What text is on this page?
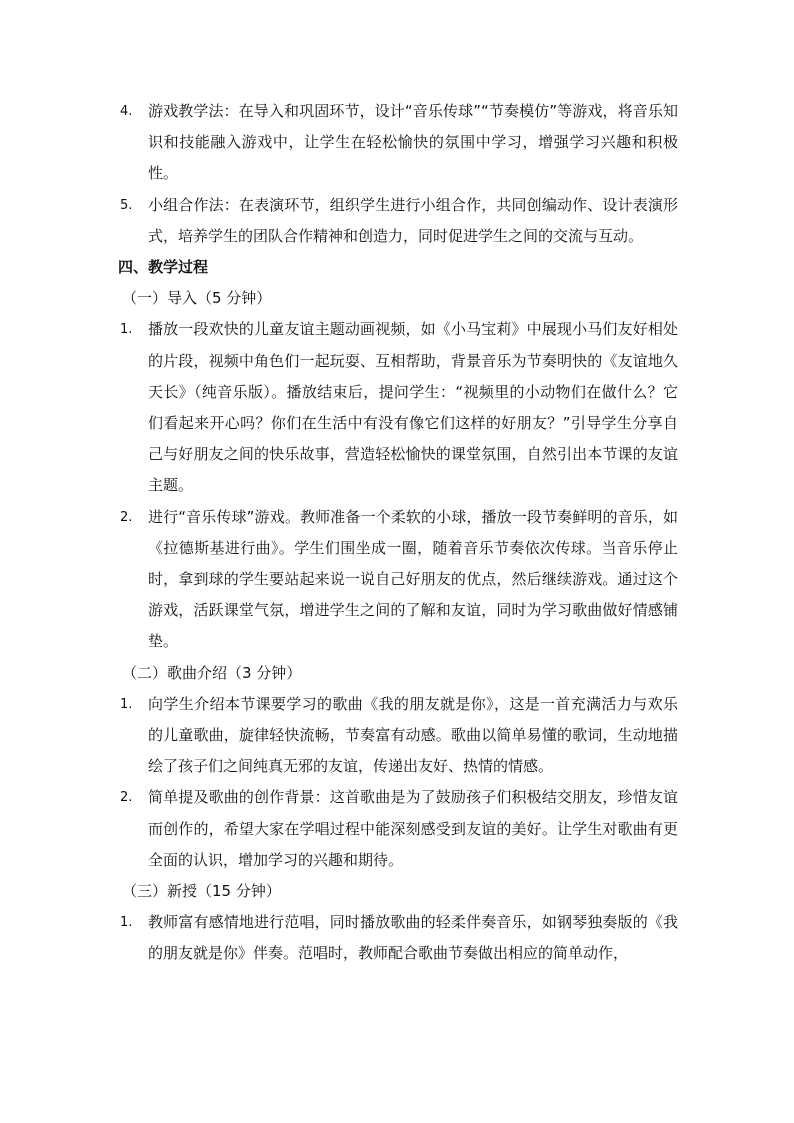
4.	游戏教学法：在导入和巩固环节，设计“音乐传球”“节奏模仿”等游戏，将音乐知识和技能融入游戏中，让学生在轻松愉快的氛围中学习，增强学习兴趣和积极性。
5.	小组合作法：在表演环节，组织学生进行小组合作，共同创编动作、设计表演形式，培养学生的团队合作精神和创造力，同时促进学生之间的交流与互动。

四、教学过程

（一）导入（5 分钟）

1.	播放一段欢快的儿童友谊主题动画视频，如《小马宝莉》中展现小马们友好相处的片段，视频中角色们一起玩耍、互相帮助，背景音乐为节奏明快的《友谊地久天长》（纯音乐版）。播放结束后，提问学生：“视频里的小动物们在做什么？它们看起来开心吗？你们在生活中有没有像它们这样的好朋友？”引导学生分享自己与好朋友之间的快乐故事，营造轻松愉快的课堂氛围，自然引出本节课的友谊主题。
2.	进行“音乐传球”游戏。教师准备一个柔软的小球，播放一段节奏鲜明的音乐，如《拉德斯基进行曲》。学生们围坐成一圈，随着音乐节奏依次传球。当音乐停止时，拿到球的学生要站起来说一说自己好朋友的优点，然后继续游戏。通过这个游戏，活跃课堂气氛，增进学生之间的了解和友谊，同时为学习歌曲做好情感铺垫。

（二）歌曲介绍（3 分钟）

1.	向学生介绍本节课要学习的歌曲《我的朋友就是你》，这是一首充满活力与欢乐的儿童歌曲，旋律轻快流畅，节奏富有动感。歌曲以简单易懂的歌词，生动地描绘了孩子们之间纯真无邪的友谊，传递出友好、热情的情感。
2.	简单提及歌曲的创作背景：这首歌曲是为了鼓励孩子们积极结交朋友，珍惜友谊而创作的，希望大家在学唱过程中能深刻感受到友谊的美好。让学生对歌曲有更全面的认识，增加学习的兴趣和期待。

（三）新授（15 分钟）

1.	教师富有感情地进行范唱，同时播放歌曲的轻柔伴奏音乐，如钢琴独奏版的《我的朋友就是你》伴奏。范唱时，教师配合歌曲节奏做出相应的简单动作，
